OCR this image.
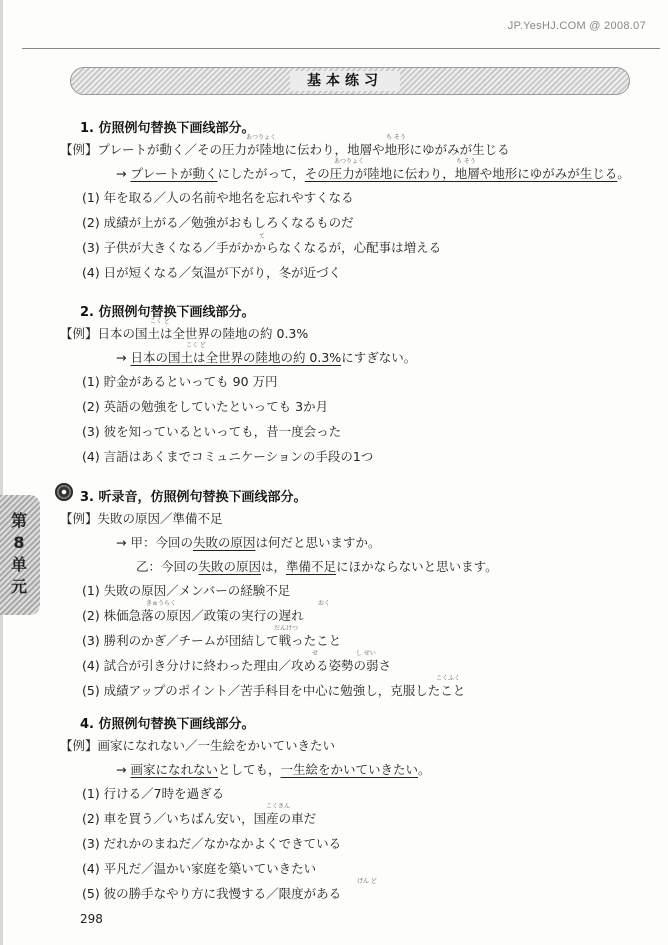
JP.YesHJ.COM @ 2008.07
基本练习
1. 仿照例句替换下画线部分。
あつりょく	ち そう
【例】プレートが動く／その圧力が陸地に伝わり，地層や地形にゆがみが生じる
あつりょく	ち そう
→ プレートが動くにしたがって，その圧力が陸地に伝わり，地層や地形にゆがみが生じる。
て
(1) 年を取る／人の名前や地名を忘れやすくなる
(2) 成績が上がる／勉強がおもしろくなるものだ
(3) 子供が大きくなる／手がかからなくなるが，心配事は増える
(4) 日が短くなる／気温が下がり，冬が近づく
2. 仿照例句替换下画线部分。
こく ど
【例】日本の国土は全世界の陸地の約 0.3%
こく ど
→ 日本の国土は全世界の陸地の約 0.3%にすぎない。
(1) 貯金があるといっても 90 万円
(2) 英語の勉強をしていたといっても 3か月
(3) 彼を知っているといっても，昔一度会った
(4) 言語はあくまでコミュニケーションの手段の1つ
第8单元
3. 听录音，仿照例句替换下画线部分。
【例】失敗の原因／準備不足
→ 甲：今回の失敗の原因は何だと思いますか。
乙：今回の失敗の原因は，準備不足にほかならないと思います。
(1) 失敗の原因／メンバーの経験不足
きゅうらく	おく
(2) 株価急落の原因／政策の実行の遅れ
だんけつ
(3) 勝利のかぎ／チームが団結して戦ったこと
せ	し せい
(4) 試合が引き分けに終わった理由／攻める姿勢の弱さ
こくふく
(5) 成績アップのポイント／苦手科目を中心に勉強し，克服したこと
4. 仿照例句替换下画线部分。
【例】画家になれない／一生絵をかいていきたい
→ 画家になれないとしても，一生絵をかいていきたい。
(1) 行ける／7時を過ぎる
こくさん
(2) 車を買う／いちばん安い，国産の車だ
(3) だれかのまねだ／なかなかよくできている
(4) 平凡だ／温かい家庭を築いていきたい
げん ど
(5) 彼の勝手なやり方に我慢する／限度がある
298
